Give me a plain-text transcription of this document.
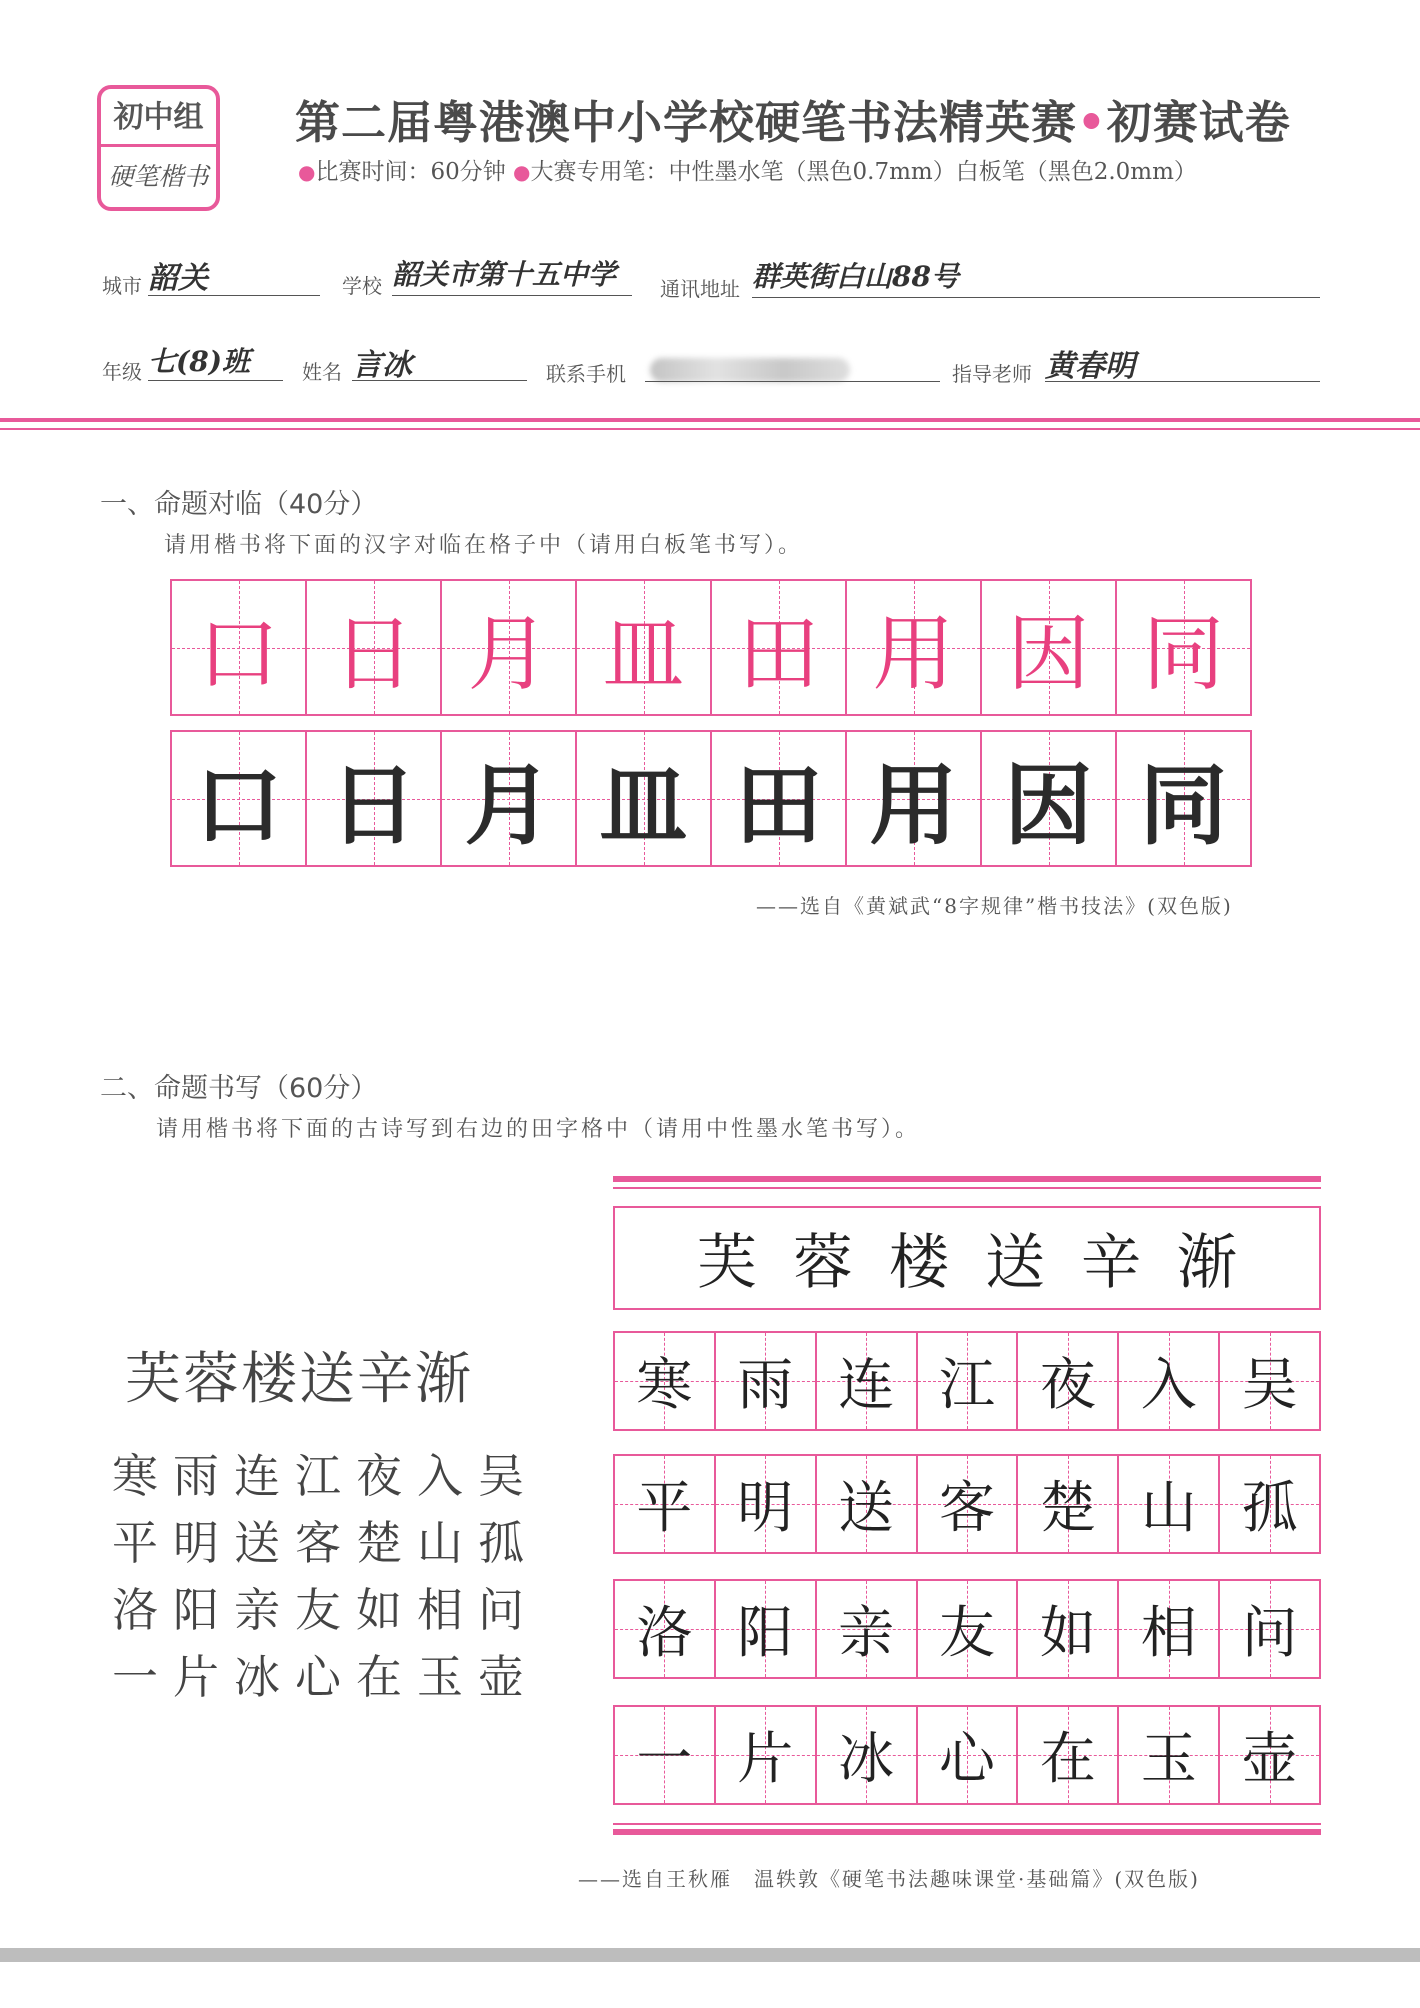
初中组
硬笔楷书
第二届粤港澳中小学校硬笔书法精英赛•初赛试卷
●比赛时间：60分钟 ●大赛专用笔：中性墨水笔（黑色0.7mm）白板笔（黑色2.0mm）
城市 韶关	学校 韶关市第十五中学 通讯地址 群英街白山88号
年级 七(8)班	姓名 言冰	联系手机	指导老师 黄春明
一、命题对临（40分）
请用楷书将下面的汉字对临在格子中（请用白板笔书写）。
口 日 月 皿 田 用 因 同
口 日 月 皿 田 用 因 同
——选自《黄斌武“8字规律”楷书技法》(双色版)
二、命题书写（60分）
请用楷书将下面的古诗写到右边的田字格中（请用中性墨水笔书写）。
芙蓉楼送辛渐
寒雨连江夜入吴
平明送客楚山孤
洛阳亲友如相问
一片冰心在玉壶
芙蓉楼送辛渐
寒 雨 连 江 夜 入 吴
平 明 送 客 楚 山 孤
洛 阳 亲 友 如 相 问
一 片 冰 心 在 玉 壶
——选自王秋雁　温轶敦《硬笔书法趣味课堂·基础篇》(双色版)
